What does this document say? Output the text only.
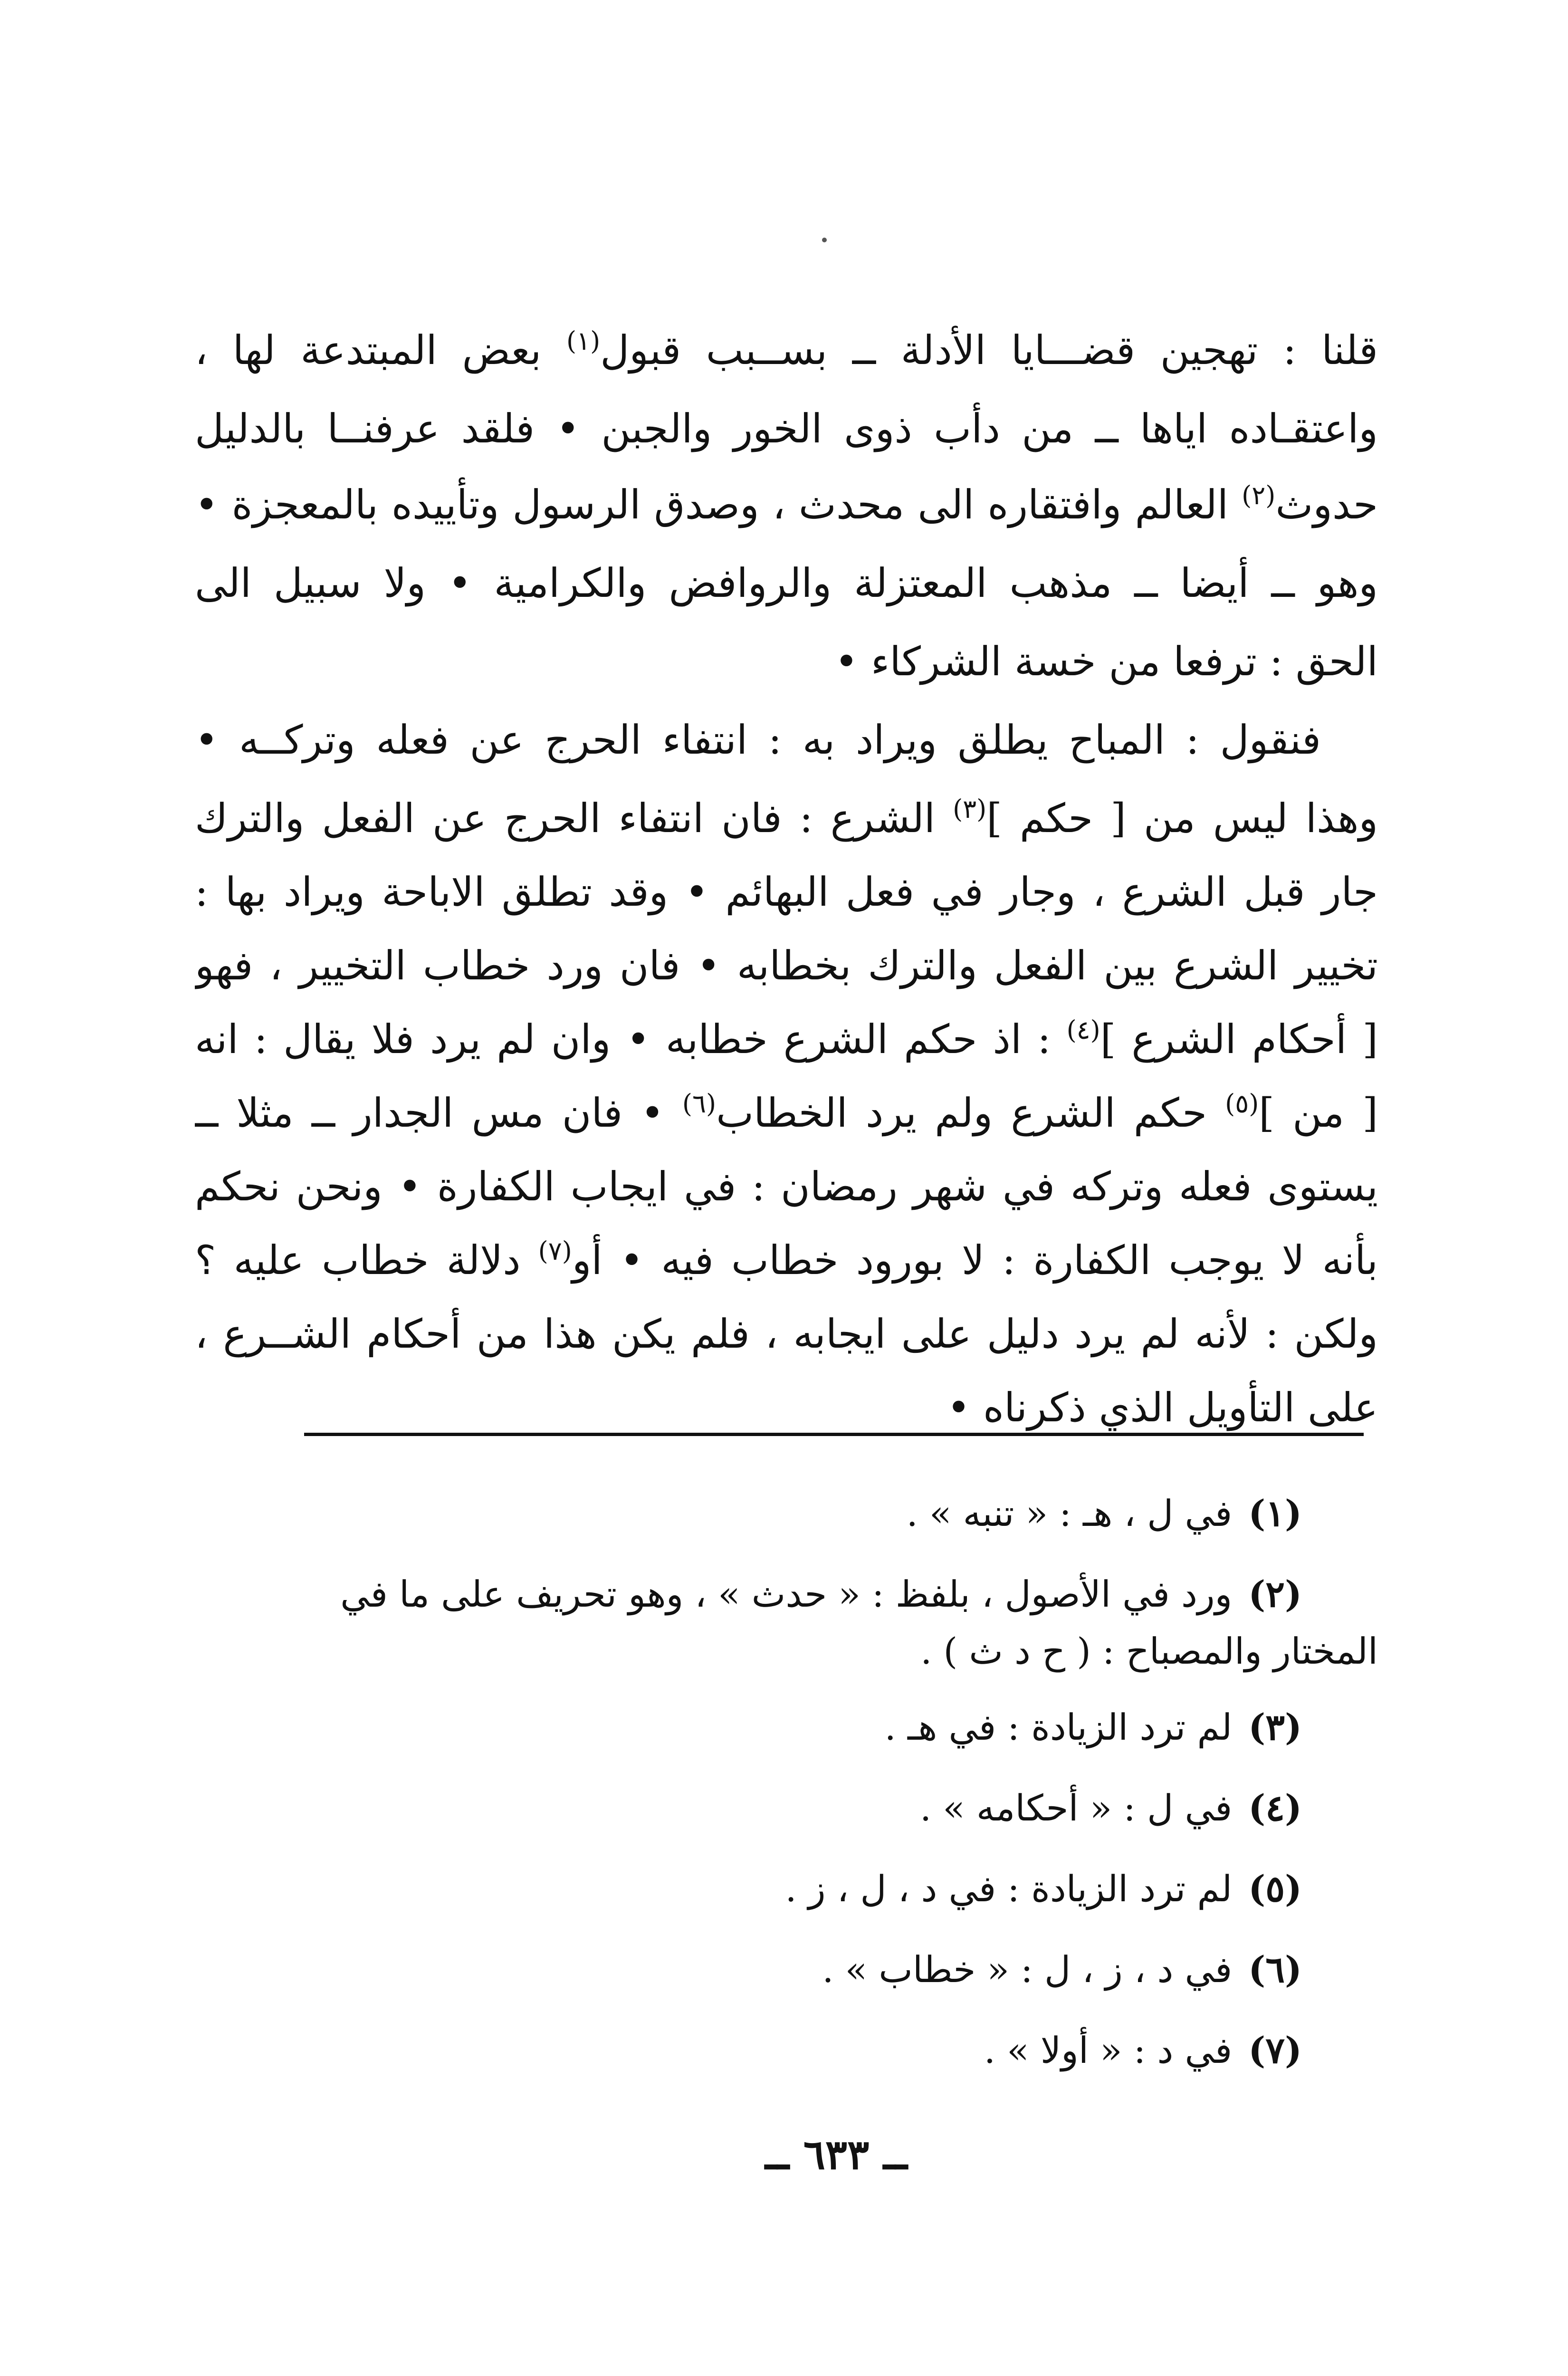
قلنا : تهجين قضـــايا الأدلة ــ بســبب قبول$^{(١)}$ بعض المبتدعة لها ،
واعتقـاده اياها ــ من دأب ذوى الخور والجبن • فلقد عرفنــا بالدليل
حدوث$^{(٢)}$ العالم وافتقاره الى محدث ، وصدق الرسول وتأييده بالمعجزة •
وهو ــ أيضا ــ مذهب المعتزلة والروافض والكرامية • ولا سبيل الى
الحق : ترفعا من خسة الشركاء •
فنقول : المباح يطلق ويراد به : انتفاء الحرج عن فعله وتركــه •
وهذا ليس من [ حكم ]$^{(٣)}$ الشرع : فان انتفاء الحرج عن الفعل والترك
جار قبل الشرع ، وجار في فعل البهائم • وقد تطلق الاباحة ويراد بها :
تخيير الشرع بين الفعل والترك بخطابه • فان ورد خطاب التخيير ، فهو
[ أحكام الشرع ]$^{(٤)}$ : اذ حكم الشرع خطابه • وان لم يرد فلا يقال : انه
[ من ]$^{(٥)}$ حكم الشرع ولم يرد الخطاب$^{(٦)}$ • فان مس الجدار ــ مثلا ــ
يستوى فعله وتركه في شهر رمضان : في ايجاب الكفارة • ونحن نحكم
بأنه لا يوجب الكفارة : لا بورود خطاب فيه • أو$^{(٧)}$ دلالة خطاب عليه ؟
ولكن : لأنه لم يرد دليل على ايجابه ، فلم يكن هذا من أحكام الشــرع ،
على التأويل الذي ذكرناه •
(١)في ل ، هـ : « تنبه » .
(٢)ورد في الأصول ، بلفظ : « حدث » ، وهو تحريف على ما في
المختار والمصباح : ( ح د ث ) .
(٣)لم ترد الزيادة : في هـ .
(٤)في ل : « أحكامه » .
(٥)لم ترد الزيادة : في د ، ل ، ز .
(٦)في د ، ز ، ل : « خطاب » .
(٧)في د : « أولا » .
ــ ٦٣٣ ــ
